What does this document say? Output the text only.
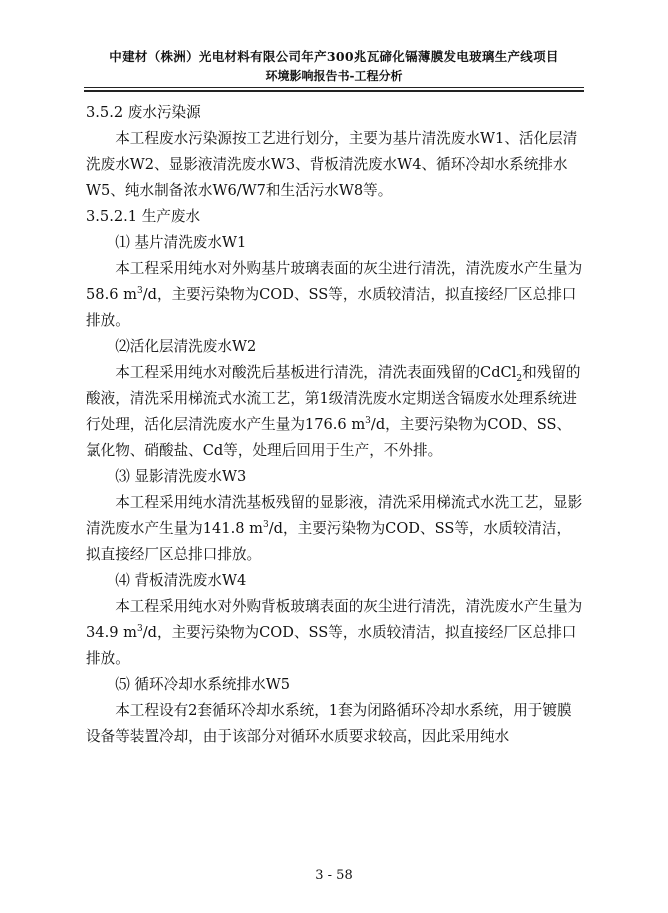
中建材（株洲）光电材料有限公司年产300兆瓦碲化镉薄膜发电玻璃生产线项目
环境影响报告书-工程分析

3.5.2 废水污染源

本工程废水污染源按工艺进行划分，主要为基片清洗废水W1、活化层清洗废水W2、显影液清洗废水W3、背板清洗废水W4、循环冷却水系统排水W5、纯水制备浓水W6/W7和生活污水W8等。

3.5.2.1 生产废水

⑴ 基片清洗废水W1

本工程采用纯水对外购基片玻璃表面的灰尘进行清洗，清洗废水产生量为58.6 $m^3/d$，主要污染物为COD、SS等，水质较清洁，拟直接经厂区总排口排放。

⑵活化层清洗废水W2

本工程采用纯水对酸洗后基板进行清洗，清洗表面残留的CdCl$_2$和残留的酸液，清洗采用梯流式水流工艺，第1级清洗废水定期送含镉废水处理系统进行处理，活化层清洗废水产生量为176.6 $m^3/d$，主要污染物为COD、SS、氯化物、硝酸盐、Cd等，处理后回用于生产，不外排。

⑶ 显影清洗废水W3

本工程采用纯水清洗基板残留的显影液，清洗采用梯流式水洗工艺，显影清洗废水产生量为141.8 $m^3/d$，主要污染物为COD、SS等，水质较清洁，拟直接经厂区总排口排放。

⑷ 背板清洗废水W4

本工程采用纯水对外购背板玻璃表面的灰尘进行清洗，清洗废水产生量为34.9 $m^3/d$，主要污染物为COD、SS等，水质较清洁，拟直接经厂区总排口排放。

⑸ 循环冷却水系统排水W5

本工程设有2套循环冷却水系统，1套为闭路循环冷却水系统，用于镀膜设备等装置冷却，由于该部分对循环水质要求较高，因此采用纯水

3 - 58
